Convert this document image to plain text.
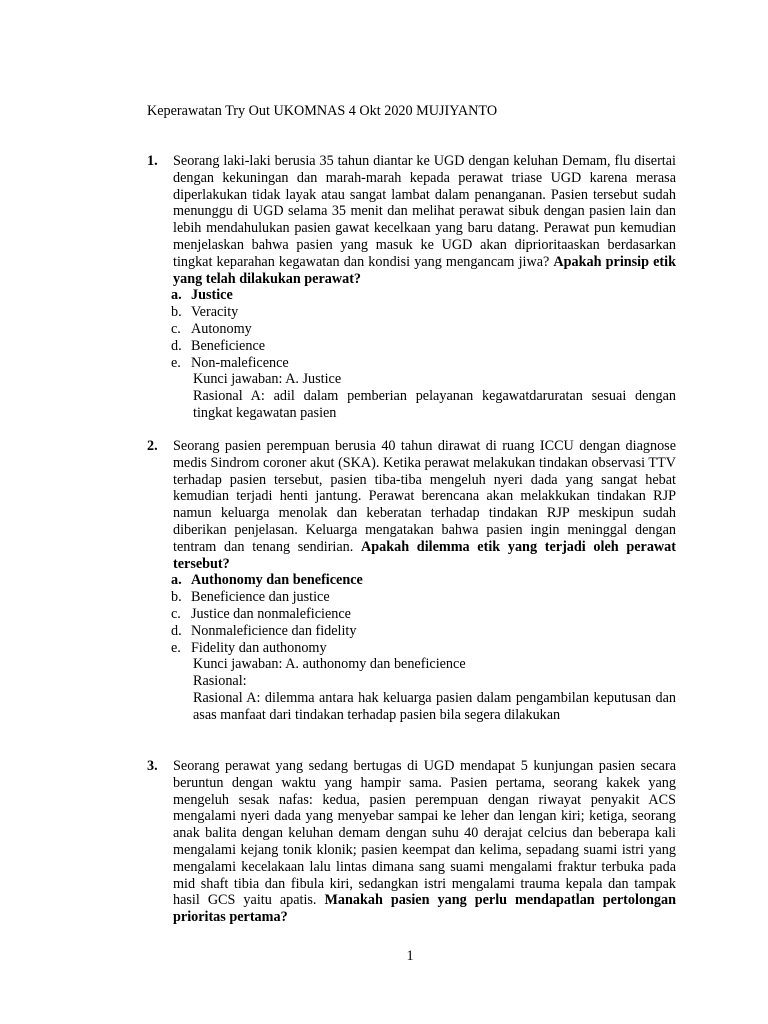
Keperawatan Try Out UKOMNAS 4 Okt 2020 MUJIYANTO
1. Seorang laki-laki berusia 35 tahun diantar ke UGD dengan keluhan Demam, flu disertai dengan kekuningan dan marah-marah kepada perawat triase UGD karena merasa diperlakukan tidak layak atau sangat lambat dalam penanganan. Pasien tersebut sudah menunggu di UGD selama 35 menit dan melihat perawat sibuk dengan pasien lain dan lebih mendahulukan pasien gawat kecelkaan yang baru datang. Perawat pun kemudian menjelaskan bahwa pasien yang masuk ke UGD akan diprioritaaskan berdasarkan tingkat keparahan kegawatan dan kondisi yang mengancam jiwa? Apakah prinsip etik yang telah dilakukan perawat?
a. Justice
b. Veracity
c. Autonomy
d. Beneficience
e. Non-maleficence
Kunci jawaban: A. Justice
Rasional A: adil dalam pemberian pelayanan kegawatdaruratan sesuai dengan tingkat kegawatan pasien
2. Seorang pasien perempuan berusia 40 tahun dirawat di ruang ICCU dengan diagnose medis Sindrom coroner akut (SKA). Ketika perawat melakukan tindakan observasi TTV terhadap pasien tersebut, pasien tiba-tiba mengeluh nyeri dada yang sangat hebat kemudian terjadi henti jantung. Perawat berencana akan melakkukan tindakan RJP namun keluarga menolak dan keberatan terhadap tindakan RJP meskipun sudah diberikan penjelasan. Keluarga mengatakan bahwa pasien ingin meninggal dengan tentram dan tenang sendirian. Apakah dilemma etik yang terjadi oleh perawat tersebut?
a. Authonomy dan beneficence
b. Beneficience dan justice
c. Justice dan nonmaleficience
d. Nonmaleficience dan fidelity
e. Fidelity dan authonomy
Kunci jawaban: A. authonomy dan beneficience
Rasional:
Rasional A: dilemma antara hak keluarga pasien dalam pengambilan keputusan dan asas manfaat dari tindakan terhadap pasien bila segera dilakukan
3. Seorang perawat yang sedang bertugas di UGD mendapat 5 kunjungan pasien secara beruntun dengan waktu yang hampir sama. Pasien pertama, seorang kakek yang mengeluh sesak nafas: kedua, pasien perempuan dengan riwayat penyakit ACS mengalami nyeri dada yang menyebar sampai ke leher dan lengan kiri; ketiga, seorang anak balita dengan keluhan demam dengan suhu 40 derajat celcius dan beberapa kali mengalami kejang tonik klonik; pasien keempat dan kelima, sepadang suami istri yang mengalami kecelakaan lalu lintas dimana sang suami mengalami fraktur terbuka pada mid shaft tibia dan fibula kiri, sedangkan istri mengalami trauma kepala dan tampak hasil GCS yaitu apatis. Manakah pasien yang perlu mendapatlan pertolongan prioritas pertama?
1
